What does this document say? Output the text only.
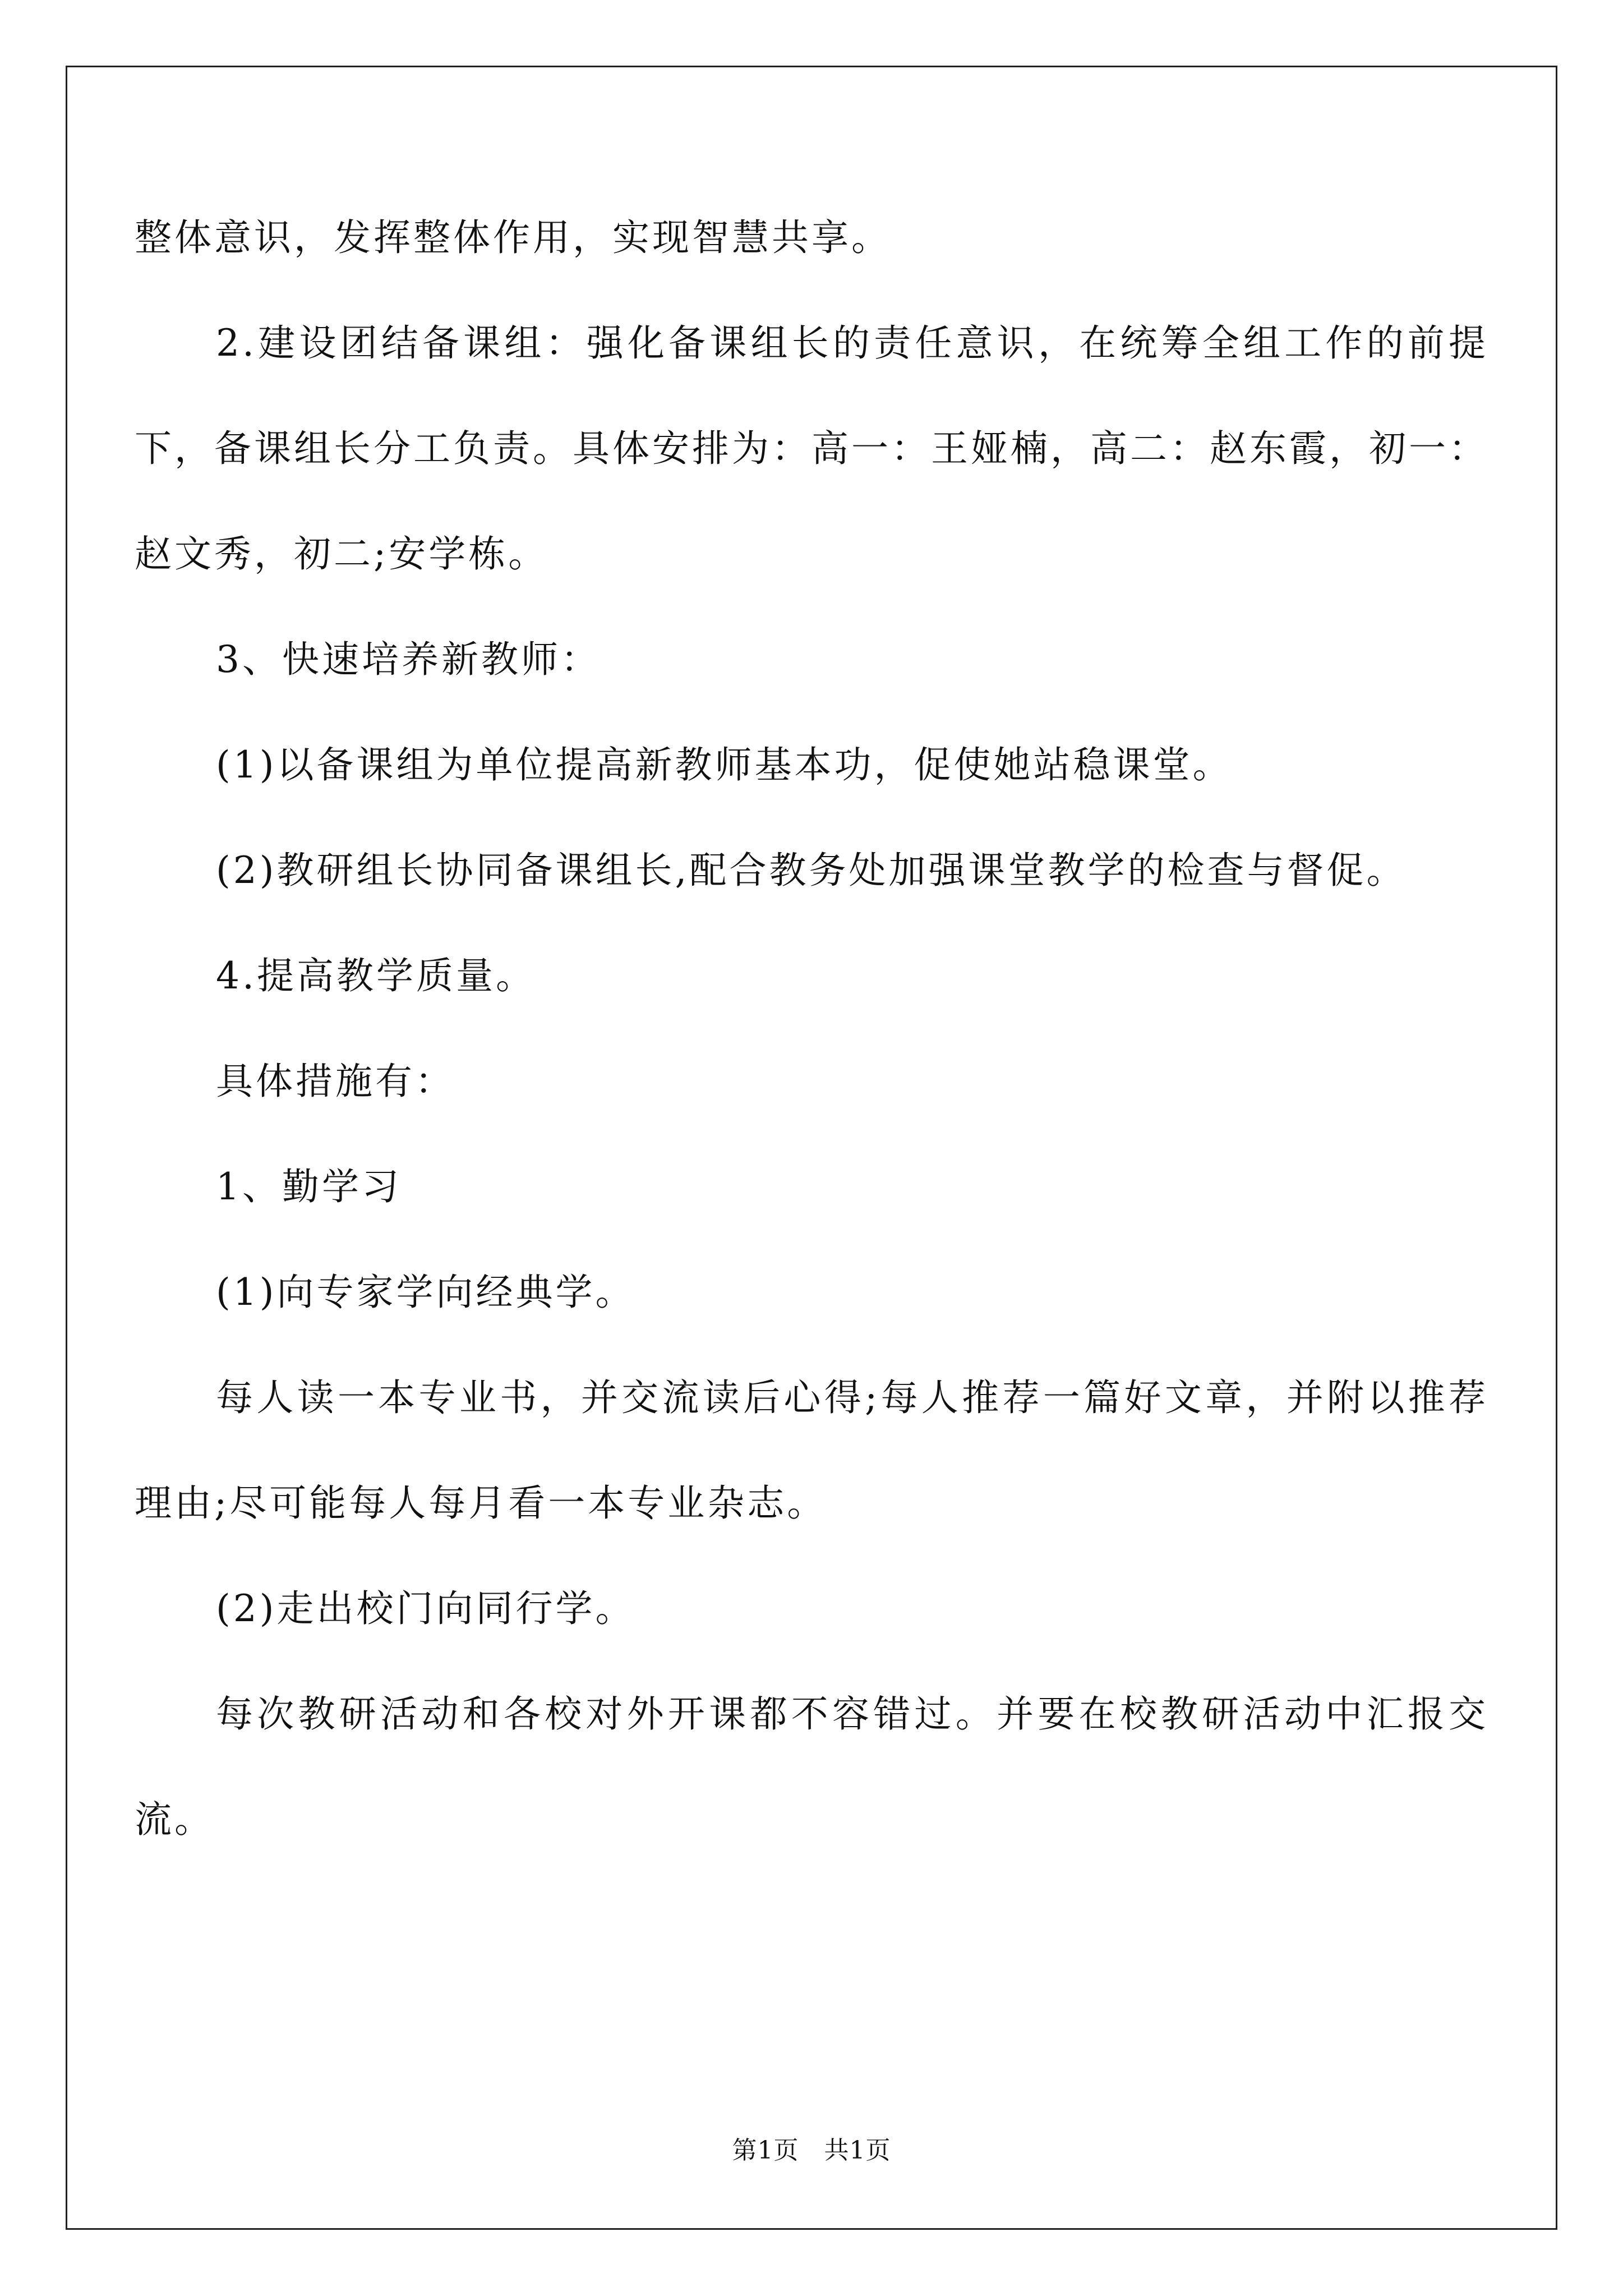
整体意识，发挥整体作用，实现智慧共享。

2.建设团结备课组：强化备课组长的责任意识，在统筹全组工作的前提下，备课组长分工负责。具体安排为：高一：王娅楠，高二：赵东霞，初一：赵文秀，初二;安学栋。

3、快速培养新教师：

(1)以备课组为单位提高新教师基本功，促使她站稳课堂。

(2)教研组长协同备课组长,配合教务处加强课堂教学的检查与督促。

4.提高教学质量。

具体措施有：

1、勤学习

(1)向专家学向经典学。

每人读一本专业书，并交流读后心得;每人推荐一篇好文章，并附以推荐理由;尽可能每人每月看一本专业杂志。

(2)走出校门向同行学。

每次教研活动和各校对外开课都不容错过。并要在校教研活动中汇报交流。

第1页　共1页
